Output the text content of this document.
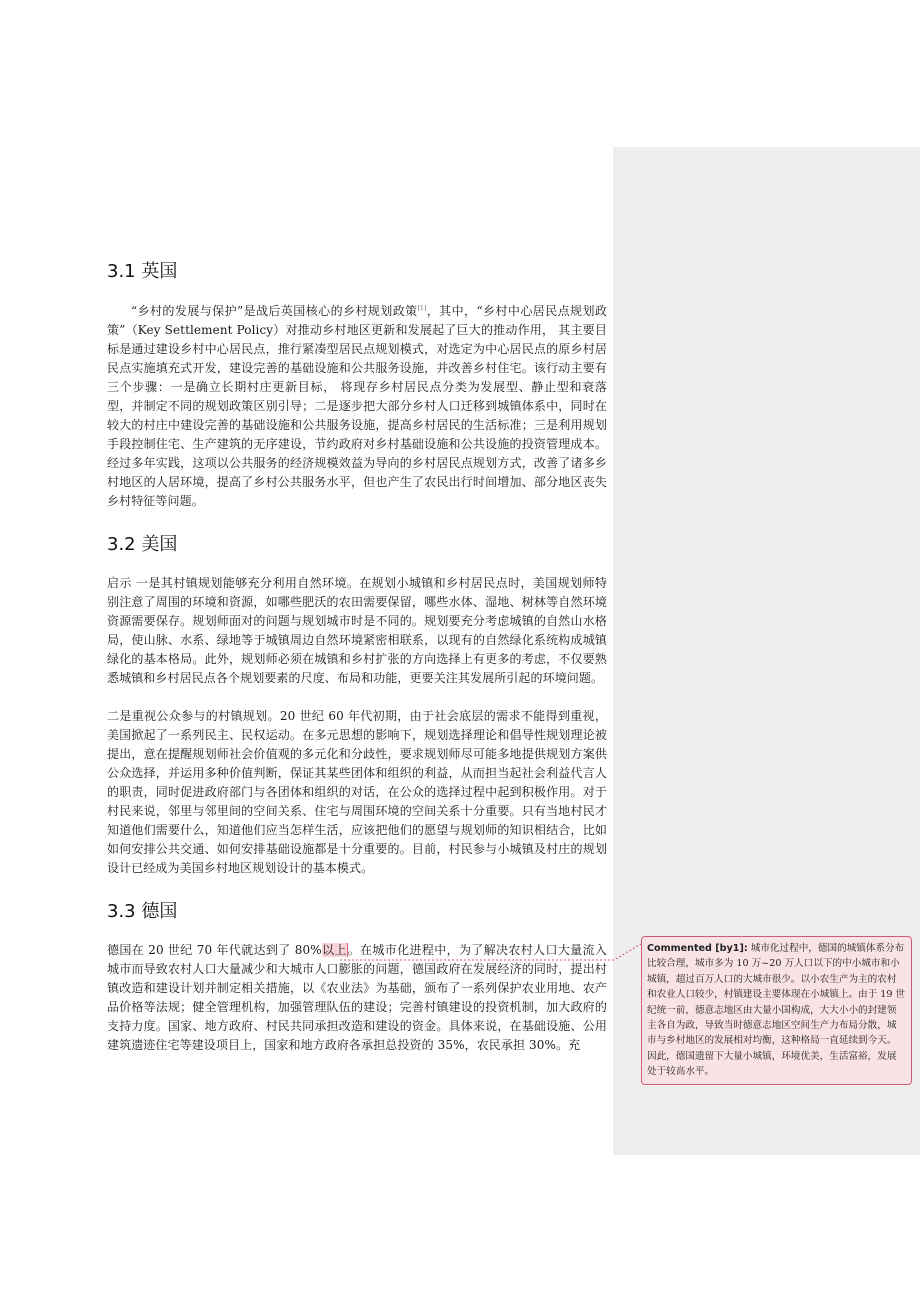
3.1 英国

“乡村的发展与保护”是战后英国核心的乡村规划政策[1]，其中，“乡村中心居民点规划政策”（Key Settlement Policy）对推动乡村地区更新和发展起了巨大的推动作用， 其主要目标是通过建设乡村中心居民点，推行紧凑型居民点规划模式，对选定为中心居民点的原乡村居民点实施填充式开发，建设完善的基础设施和公共服务设施，并改善乡村住宅。该行动主要有三个步骤：一是确立长期村庄更新目标， 将现存乡村居民点分类为发展型、静止型和衰落型，并制定不同的规划政策区别引导；二是逐步把大部分乡村人口迁移到城镇体系中，同时在较大的村庄中建设完善的基础设施和公共服务设施，提高乡村居民的生活标准；三是利用规划手段控制住宅、生产建筑的无序建设，节约政府对乡村基础设施和公共设施的投资管理成本。经过多年实践，这项以公共服务的经济规模效益为导向的乡村居民点规划方式，改善了诸多乡村地区的人居环境，提高了乡村公共服务水平，但也产生了农民出行时间增加、部分地区丧失乡村特征等问题。

3.2 美国

启示 一是其村镇规划能够充分利用自然环境。在规划小城镇和乡村居民点时，美国规划师特别注意了周围的环境和资源，如哪些肥沃的农田需要保留，哪些水体、湿地、树林等自然环境资源需要保存。规划师面对的问题与规划城市时是不同的。规划要充分考虑城镇的自然山水格局，使山脉、水系、绿地等于城镇周边自然环境紧密相联系，以现有的自然绿化系统构成城镇绿化的基本格局。此外，规划师必须在城镇和乡村扩张的方向选择上有更多的考虑，不仅要熟悉城镇和乡村居民点各个规划要素的尺度、布局和功能，更要关注其发展所引起的环境问题。

二是重视公众参与的村镇规划。20 世纪 60 年代初期，由于社会底层的需求不能得到重视，美国掀起了一系列民主、民权运动。在多元思想的影响下，规划选择理论和倡导性规划理论被提出，意在提醒规划师社会价值观的多元化和分歧性，要求规划师尽可能多地提供规划方案供公众选择，并运用多种价值判断，保证其某些团体和组织的利益，从而担当起社会利益代言人的职责，同时促进政府部门与各团体和组织的对话，在公众的选择过程中起到积极作用。对于村民来说，邻里与邻里间的空间关系、住宅与周围环境的空间关系十分重要。只有当地村民才知道他们需要什么，知道他们应当怎样生活，应该把他们的愿望与规划师的知识相结合，比如如何安排公共交通、如何安排基础设施都是十分重要的。目前，村民参与小城镇及村庄的规划设计已经成为美国乡村地区规划设计的基本模式。

3.3 德国

德国在 20 世纪 70 年代就达到了 80%以上。在城市化进程中，为了解决农村人口大量流入城市而导致农村人口大量减少和大城市人口膨胀的问题，德国政府在发展经济的同时，提出村镇改造和建设计划并制定相关措施，以《农业法》为基础，颁布了一系列保护农业用地、农产品价格等法规；健全管理机构，加强管理队伍的建设；完善村镇建设的投资机制，加大政府的支持力度。国家、地方政府、村民共同承担改造和建设的资金。具体来说，在基础设施、公用建筑遗迹住宅等建设项目上，国家和地方政府各承担总投资的 35%，农民承担 30%。充

Commented [by1]: 城市化过程中，德国的城镇体系分布比较合理，城市多为 10 万~20 万人口以下的中小城市和小城镇，超过百万人口的大城市很少。以小农生产为主的农村和农业人口较少，村镇建设主要体现在小城镇上。由于 19 世纪统一前，德意志地区由大量小国构成，大大小小的封建领主各自为政，导致当时德意志地区空间生产力布局分散，城市与乡村地区的发展相对均衡，这种格局一直延续到今天。因此，德国遗留下大量小城镇，环境优美，生活富裕，发展处于较高水平。
